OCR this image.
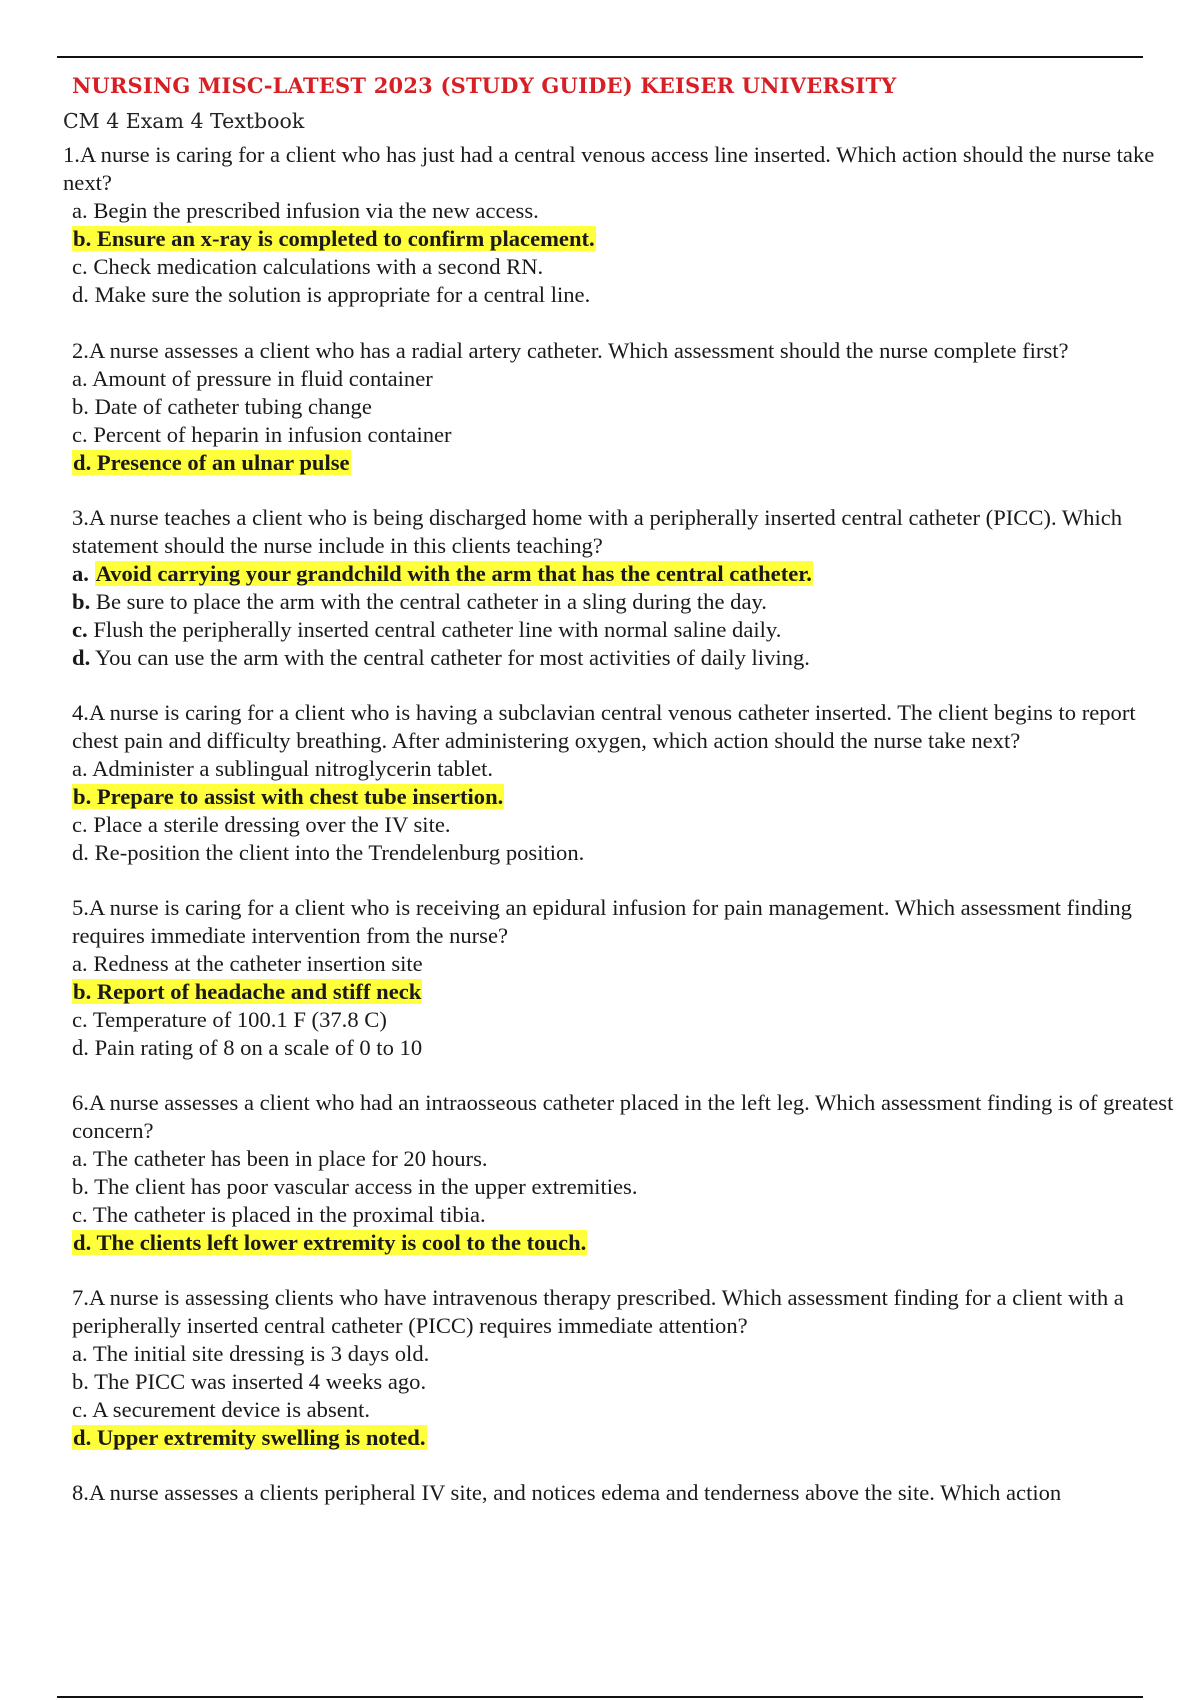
NURSING MISC-LATEST 2023 (STUDY GUIDE) KEISER UNIVERSITY
CM 4 Exam 4 Textbook

1.A nurse is caring for a client who has just had a central venous access line inserted. Which action should the nurse take next?

a. Begin the prescribed infusion via the new access.
b. Ensure an x-ray is completed to confirm placement.
c. Check medication calculations with a second RN.
d. Make sure the solution is appropriate for a central line.

2.A nurse assesses a client who has a radial artery catheter. Which assessment should the nurse complete first?

a. Amount of pressure in fluid container
b. Date of catheter tubing change
c. Percent of heparin in infusion container
d. Presence of an ulnar pulse

3.A nurse teaches a client who is being discharged home with a peripherally inserted central catheter (PICC). Which statement should the nurse include in this clients teaching?

a. Avoid carrying your grandchild with the arm that has the central catheter.
b. Be sure to place the arm with the central catheter in a sling during the day.
c. Flush the peripherally inserted central catheter line with normal saline daily.
d. You can use the arm with the central catheter for most activities of daily living.

4.A nurse is caring for a client who is having a subclavian central venous catheter inserted. The client begins to report chest pain and difficulty breathing. After administering oxygen, which action should the nurse take next?

a. Administer a sublingual nitroglycerin tablet.
b. Prepare to assist with chest tube insertion.
c. Place a sterile dressing over the IV site.
d. Re-position the client into the Trendelenburg position.

5.A nurse is caring for a client who is receiving an epidural infusion for pain management. Which assessment finding requires immediate intervention from the nurse?

a. Redness at the catheter insertion site
b. Report of headache and stiff neck
c. Temperature of 100.1 F (37.8 C)
d. Pain rating of 8 on a scale of 0 to 10

6.A nurse assesses a client who had an intraosseous catheter placed in the left leg. Which assessment finding is of greatest concern?

a. The catheter has been in place for 20 hours.
b. The client has poor vascular access in the upper extremities.
c. The catheter is placed in the proximal tibia.
d. The clients left lower extremity is cool to the touch.

7.A nurse is assessing clients who have intravenous therapy prescribed. Which assessment finding for a client with a peripherally inserted central catheter (PICC) requires immediate attention?

a. The initial site dressing is 3 days old.
b. The PICC was inserted 4 weeks ago.
c. A securement device is absent.
d. Upper extremity swelling is noted.

8.A nurse assesses a clients peripheral IV site, and notices edema and tenderness above the site. Which action
